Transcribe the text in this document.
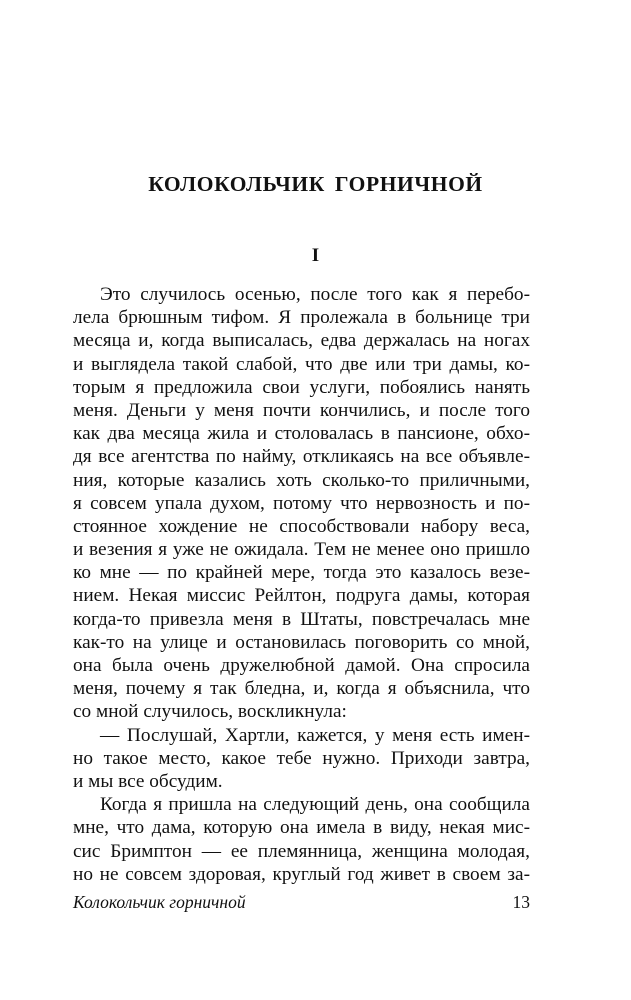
КОЛОКОЛЬЧИК ГОРНИЧНОЙ
I
Это случилось осенью, после того как я перебо-
лела брюшным тифом. Я пролежала в больнице три
месяца и, когда выписалась, едва держалась на ногах
и выглядела такой слабой, что две или три дамы, ко-
торым я предложила свои услуги, побоялись нанять
меня. Деньги у меня почти кончились, и после того
как два месяца жила и столовалась в пансионе, обхо-
дя все агентства по найму, откликаясь на все объявле-
ния, которые казались хоть сколько-то приличными,
я совсем упала духом, потому что нервозность и по-
стоянное хождение не способствовали набору веса,
и везения я уже не ожидала. Тем не менее оно пришло
ко мне — по крайней мере, тогда это казалось везе-
нием. Некая миссис Рейлтон, подруга дамы, которая
когда-то привезла меня в Штаты, повстречалась мне
как-то на улице и остановилась поговорить со мной,
она была очень дружелюбной дамой. Она спросила
меня, почему я так бледна, и, когда я объяснила, что
со мной случилось, воскликнула:
— Послушай, Хартли, кажется, у меня есть имен-
но такое место, какое тебе нужно. Приходи завтра,
и мы все обсудим.
Когда я пришла на следующий день, она сообщила
мне, что дама, которую она имела в виду, некая мис-
сис Бримптон — ее племянница, женщина молодая,
но не совсем здоровая, круглый год живет в своем за-
Колокольчик горничной	13
